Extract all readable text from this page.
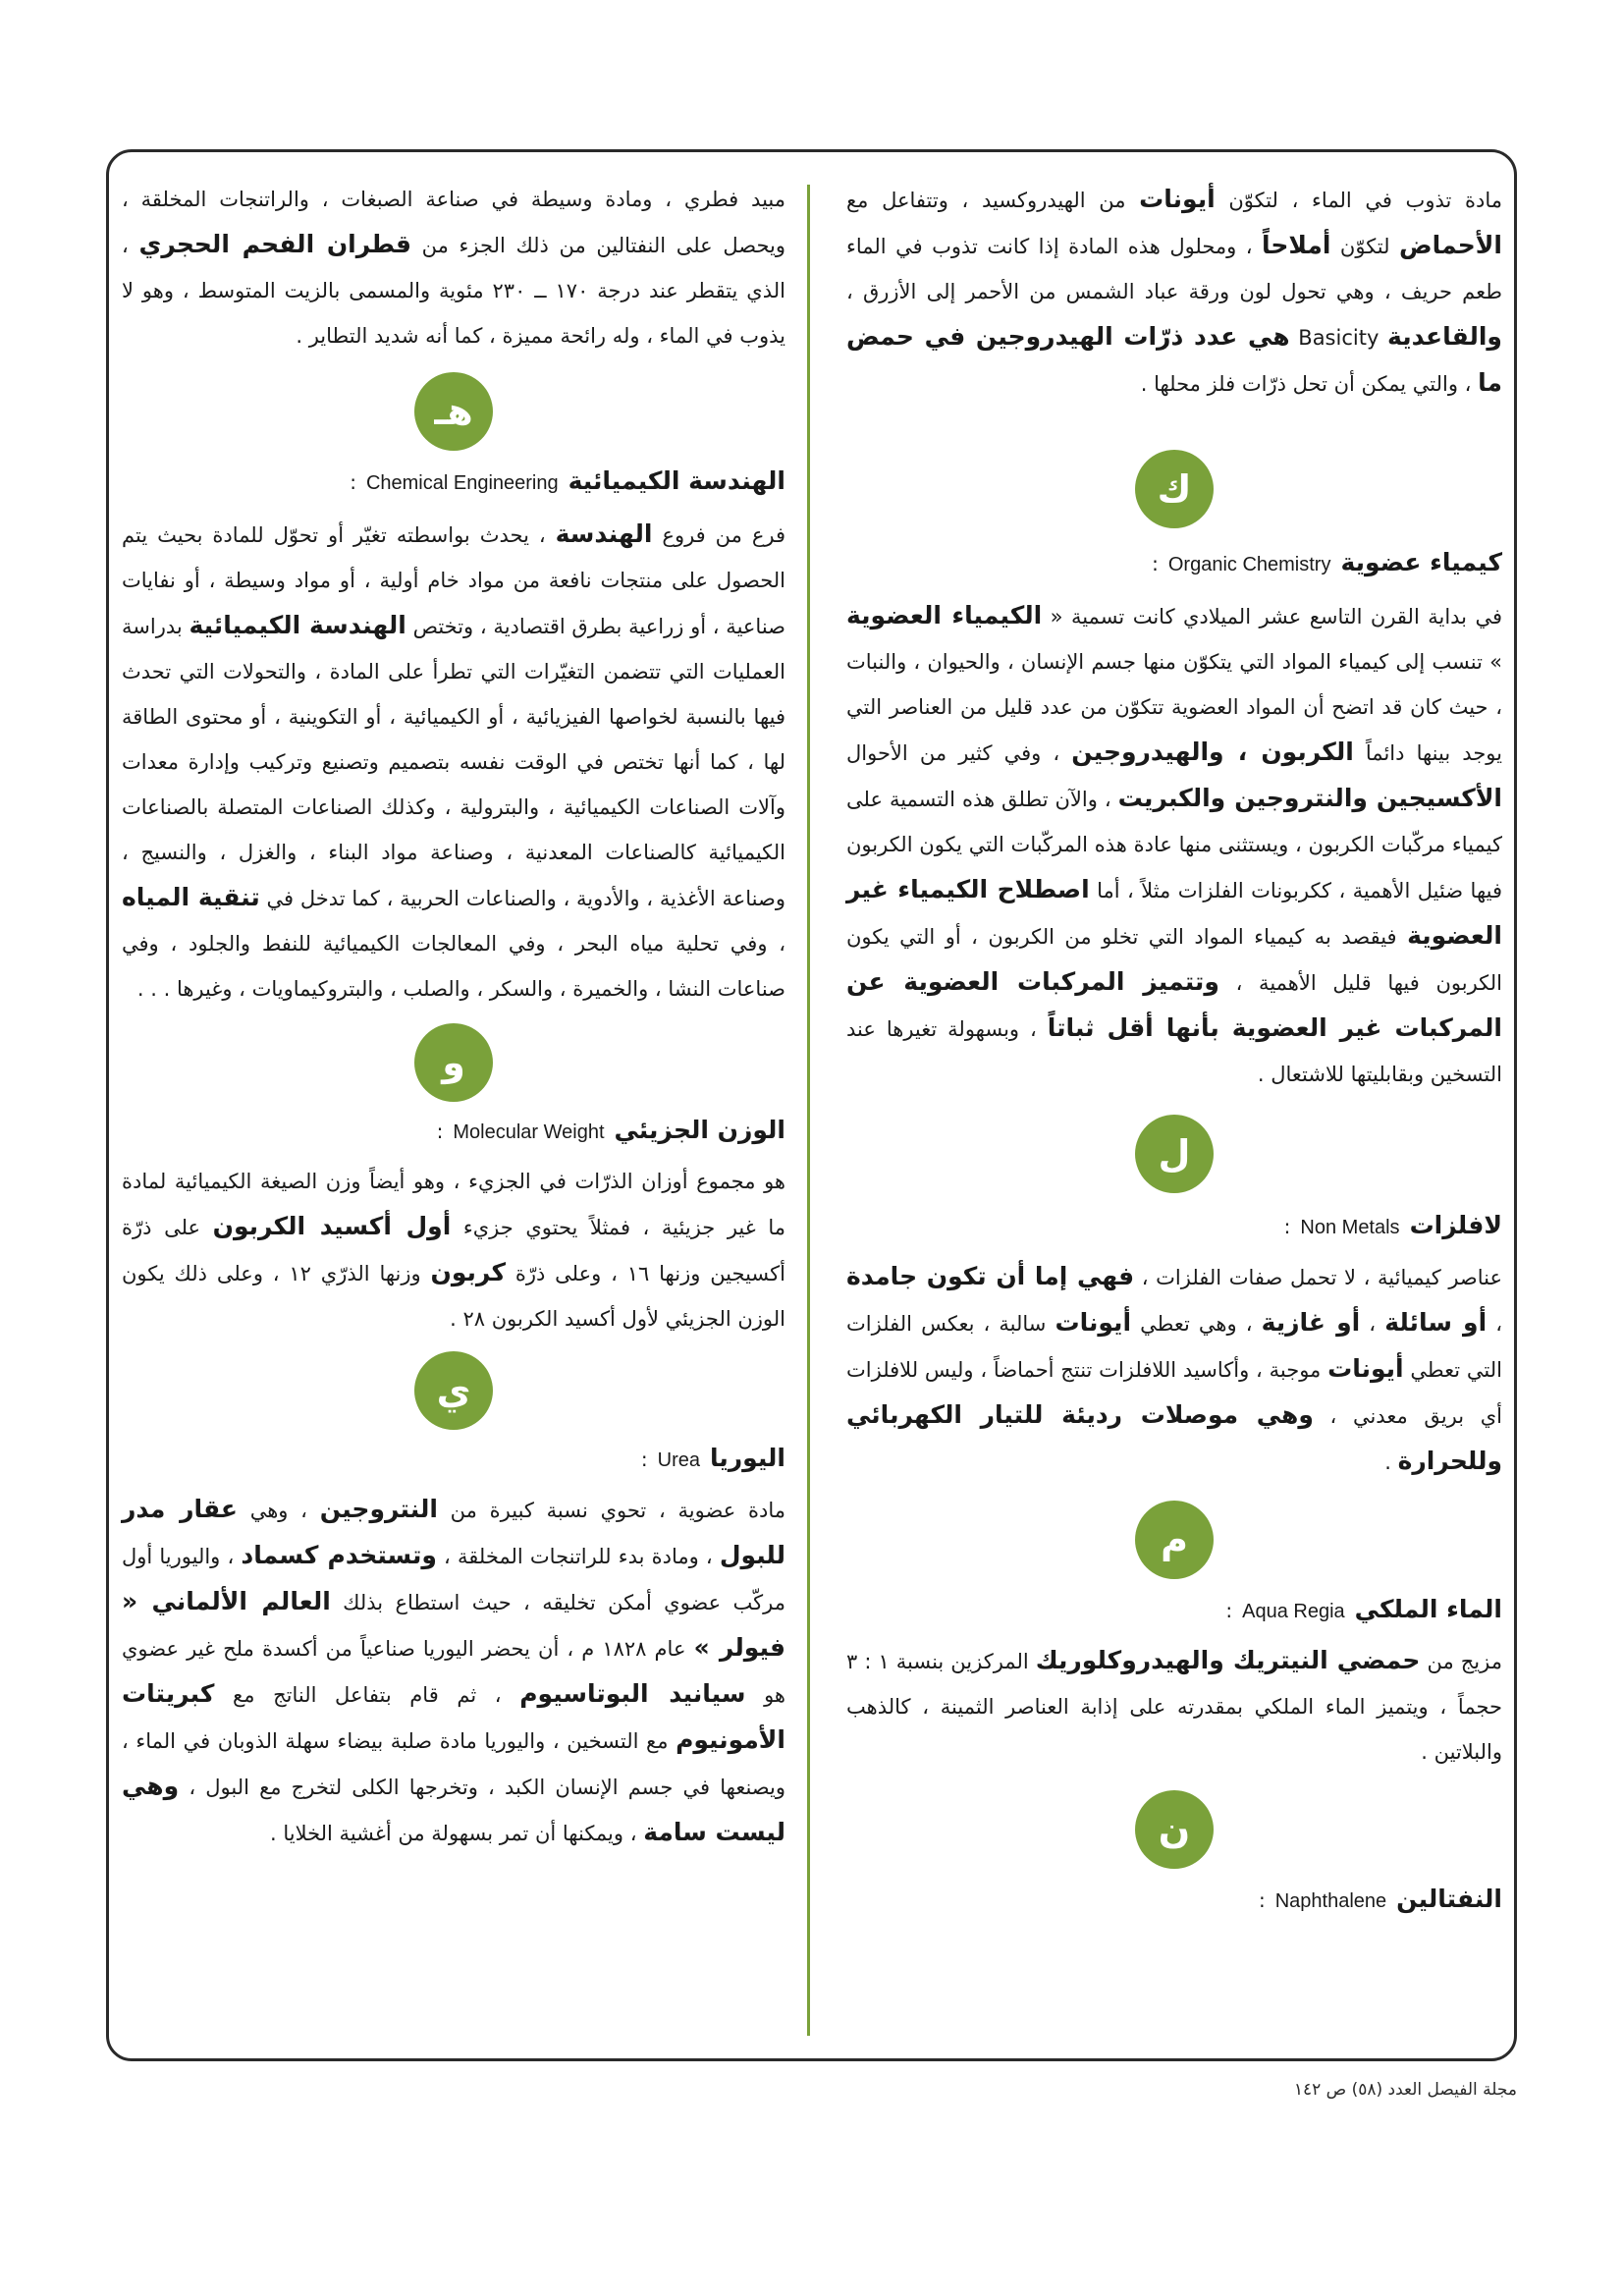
مادة تذوب في الماء ، لتكوّن أيونات من الهيدروكسيد ، وتتفاعل مع الأحماض لتكوّن أملاحاً ، ومحلول هذه المادة إذا كانت تذوب في الماء طعم حريف ، وهي تحول لون ورقة عباد الشمس من الأحمر إلى الأزرق ، والقاعدية Basicity هي عدد ذرّات الهيدروجين في حمض ما ، والتي يمكن أن تحل ذرّات فلز محلها .

ك
كيمياء عضوية
Organic Chemistry
:

في بداية القرن التاسع عشر الميلادي كانت تسمية « الكيمياء العضوية » تنسب إلى كيمياء المواد التي يتكوّن منها جسم الإنسان ، والحيوان ، والنبات ، حيث كان قد اتضح أن المواد العضوية تتكوّن من عدد قليل من العناصر التي يوجد بينها دائماً الكربون ، والهيدروجين ، وفي كثير من الأحوال الأكسيجين والنتروجين والكبريت ، والآن تطلق هذه التسمية على كيمياء مركّبات الكربون ، ويستثنى منها عادة هذه المركّبات التي يكون الكربون فيها ضئيل الأهمية ، ككربونات الفلزات مثلاً ، أما اصطلاح الكيمياء غير العضوية فيقصد به كيمياء المواد التي تخلو من الكربون ، أو التي يكون الكربون فيها قليل الأهمية ، وتتميز المركبات العضوية عن المركبات غير العضوية بأنها أقل ثباتاً ، وبسهولة تغيرها عند التسخين وبقابليتها للاشتعال .

ل
لافلزات
Non Metals
:

عناصر كيميائية ، لا تحمل صفات الفلزات ، فهي إما أن تكون جامدة ، أو سائلة ، أو غازية ، وهي تعطي أيونات سالبة ، بعكس الفلزات التي تعطي أيونات موجبة ، وأكاسيد اللافلزات تنتج أحماضاً ، وليس للافلزات أي بريق معدني ، وهي موصلات رديئة للتيار الكهربائي وللحرارة .

م
الماء الملكي
Aqua Regia
:

مزيج من حمضي النيتريك والهيدروكلوريك المركزين بنسبة ١ : ٣ حجماً ، ويتميز الماء الملكي بمقدرته على إذابة العناصر الثمينة ، كالذهب والبلاتين .

ن
النفتالين
Naphthalene
:

مبيد فطري ، ومادة وسيطة في صناعة الصبغات ، والراتنجات المخلقة ، ويحصل على النفتالين من ذلك الجزء من قطران الفحم الحجري ، الذي يتقطر عند درجة ١٧٠ ــ ٢٣٠ مئوية والمسمى بالزيت المتوسط ، وهو لا يذوب في الماء ، وله رائحة مميزة ، كما أنه شديد التطاير .

هـ
الهندسة الكيميائية
Chemical Engineering
:

فرع من فروع الهندسة ، يحدث بواسطته تغيّر أو تحوّل للمادة بحيث يتم الحصول على منتجات نافعة من مواد خام أولية ، أو مواد وسيطة ، أو نفايات صناعية ، أو زراعية بطرق اقتصادية ، وتختص الهندسة الكيميائية بدراسة العمليات التي تتضمن التغيّرات التي تطرأ على المادة ، والتحولات التي تحدث فيها بالنسبة لخواصها الفيزيائية ، أو الكيميائية ، أو التكوينية ، أو محتوى الطاقة لها ، كما أنها تختص في الوقت نفسه بتصميم وتصنيع وتركيب وإدارة معدات وآلات الصناعات الكيميائية ، والبترولية ، وكذلك الصناعات المتصلة بالصناعات الكيميائية كالصناعات المعدنية ، وصناعة مواد البناء ، والغزل ، والنسيج ، وصناعة الأغذية ، والأدوية ، والصناعات الحربية ، كما تدخل في تنقية المياه ، وفي تحلية مياه البحر ، وفي المعالجات الكيميائية للنفط والجلود ، وفي صناعات النشا ، والخميرة ، والسكر ، والصلب ، والبتروكيماويات ، وغيرها . . .

و
الوزن الجزيئي
Molecular Weight
:

هو مجموع أوزان الذرّات في الجزيء ، وهو أيضاً وزن الصيغة الكيميائية لمادة ما غير جزيئية ، فمثلاً يحتوي جزيء أول أكسيد الكربون على ذرّة أكسيجين وزنها ١٦ ، وعلى ذرّة كربون وزنها الذرّي ١٢ ، وعلى ذلك يكون الوزن الجزيئي لأول أكسيد الكربون ٢٨ .

ي
اليوريا
Urea
:

مادة عضوية ، تحوي نسبة كبيرة من النتروجين ، وهي عقار مدر للبول ، ومادة بدء للراتنجات المخلقة ، وتستخدم كسماد ، واليوريا أول مركّب عضوي أمكن تخليقه ، حيث استطاع بذلك العالم الألماني « فيولر » عام ١٨٢٨ م ، أن يحضر اليوريا صناعياً من أكسدة ملح غير عضوي هو سيانيد البوتاسيوم ، ثم قام بتفاعل الناتج مع كبريتات الأمونيوم مع التسخين ، واليوريا مادة صلبة بيضاء سهلة الذوبان في الماء ، ويصنعها في جسم الإنسان الكبد ، وتخرجها الكلى لتخرج مع البول ، وهي ليست سامة ، ويمكنها أن تمر بسهولة من أغشية الخلايا .

مجلة الفيصل العدد (٥٨) ص ١٤٢
